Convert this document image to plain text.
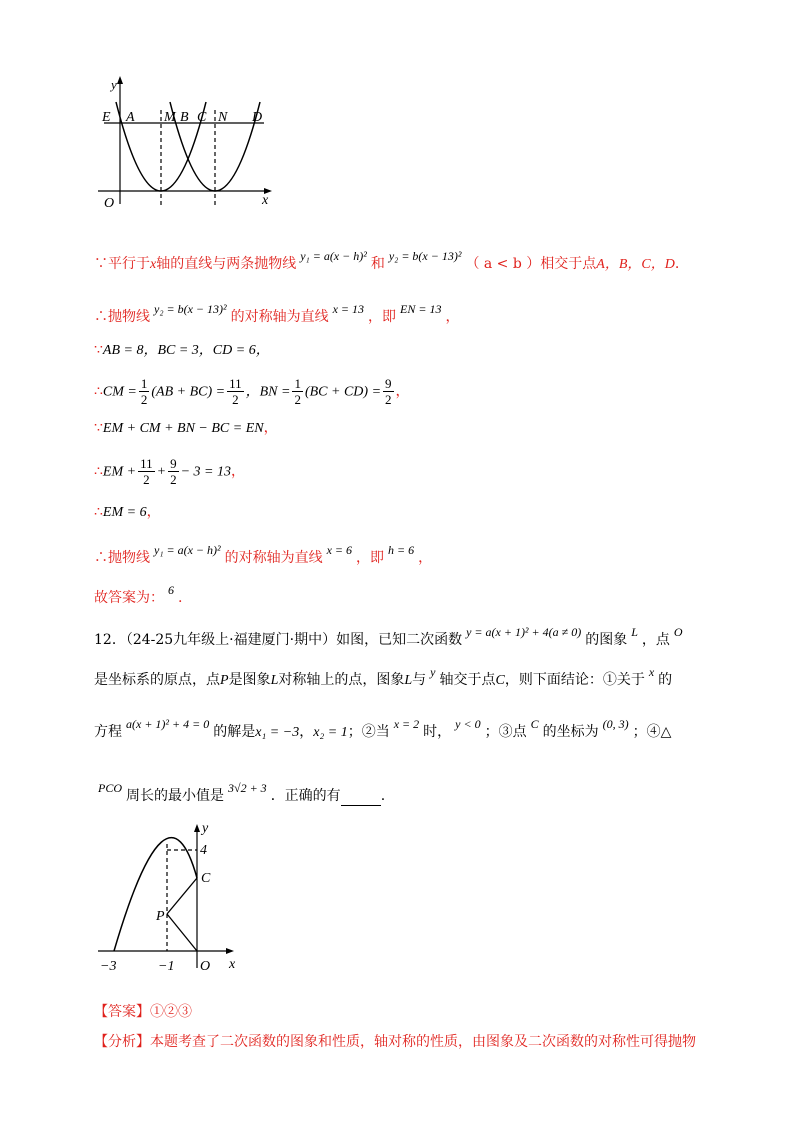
y
x
O
E A M B C N D
∵平行于x轴的直线与两条抛物线 y₁ = a(x − h)² 和 y₂ = b(x − 13)² （ a < b ）相交于点A，B，C，D.
∴抛物线 y₂ = b(x − 13)² 的对称轴为直线 x = 13 ，即 EN = 13 ，
∵AB = 8，BC = 3，CD = 6，
∴CM = $\frac{1}{2} (AB + BC) = \frac{11}{2}$ ，BN = $\frac{1}{2} (BC + CD) = \frac{9}{2}$ ，
∵EM + CM + BN − BC = EN，
∴EM + $\frac{11}{2} + \frac{9}{2} - 3 = 13$，
∴EM = 6，
∴抛物线 y₁ = a(x − h)² 的对称轴为直线 x = 6 ，即 h = 6 ，
故答案为： 6 .
12．（24-25九年级上·福建厦门·期中）如图，已知二次函数 y = a(x + 1)² + 4(a ≠ 0) 的图象 L ，点 O
是坐标系的原点，点P是图象L对称轴上的点，图象L与 y 轴交于点C，则下面结论：①关于 x 的
方程 a(x + 1)² + 4 = 0 的解是x₁ = −3，x₂ = 1；②当 x = 2 时， y < 0 ；③点 C 的坐标为 (0, 3) ；④△
PCO 周长的最小值是 3√2 + 3 ．正确的有	.
y
x
4
C
P
−3	−1 O
【答案】①②③
【分析】本题考查了二次函数的图象和性质，轴对称的性质，由图象及二次函数的对称性可得抛物
